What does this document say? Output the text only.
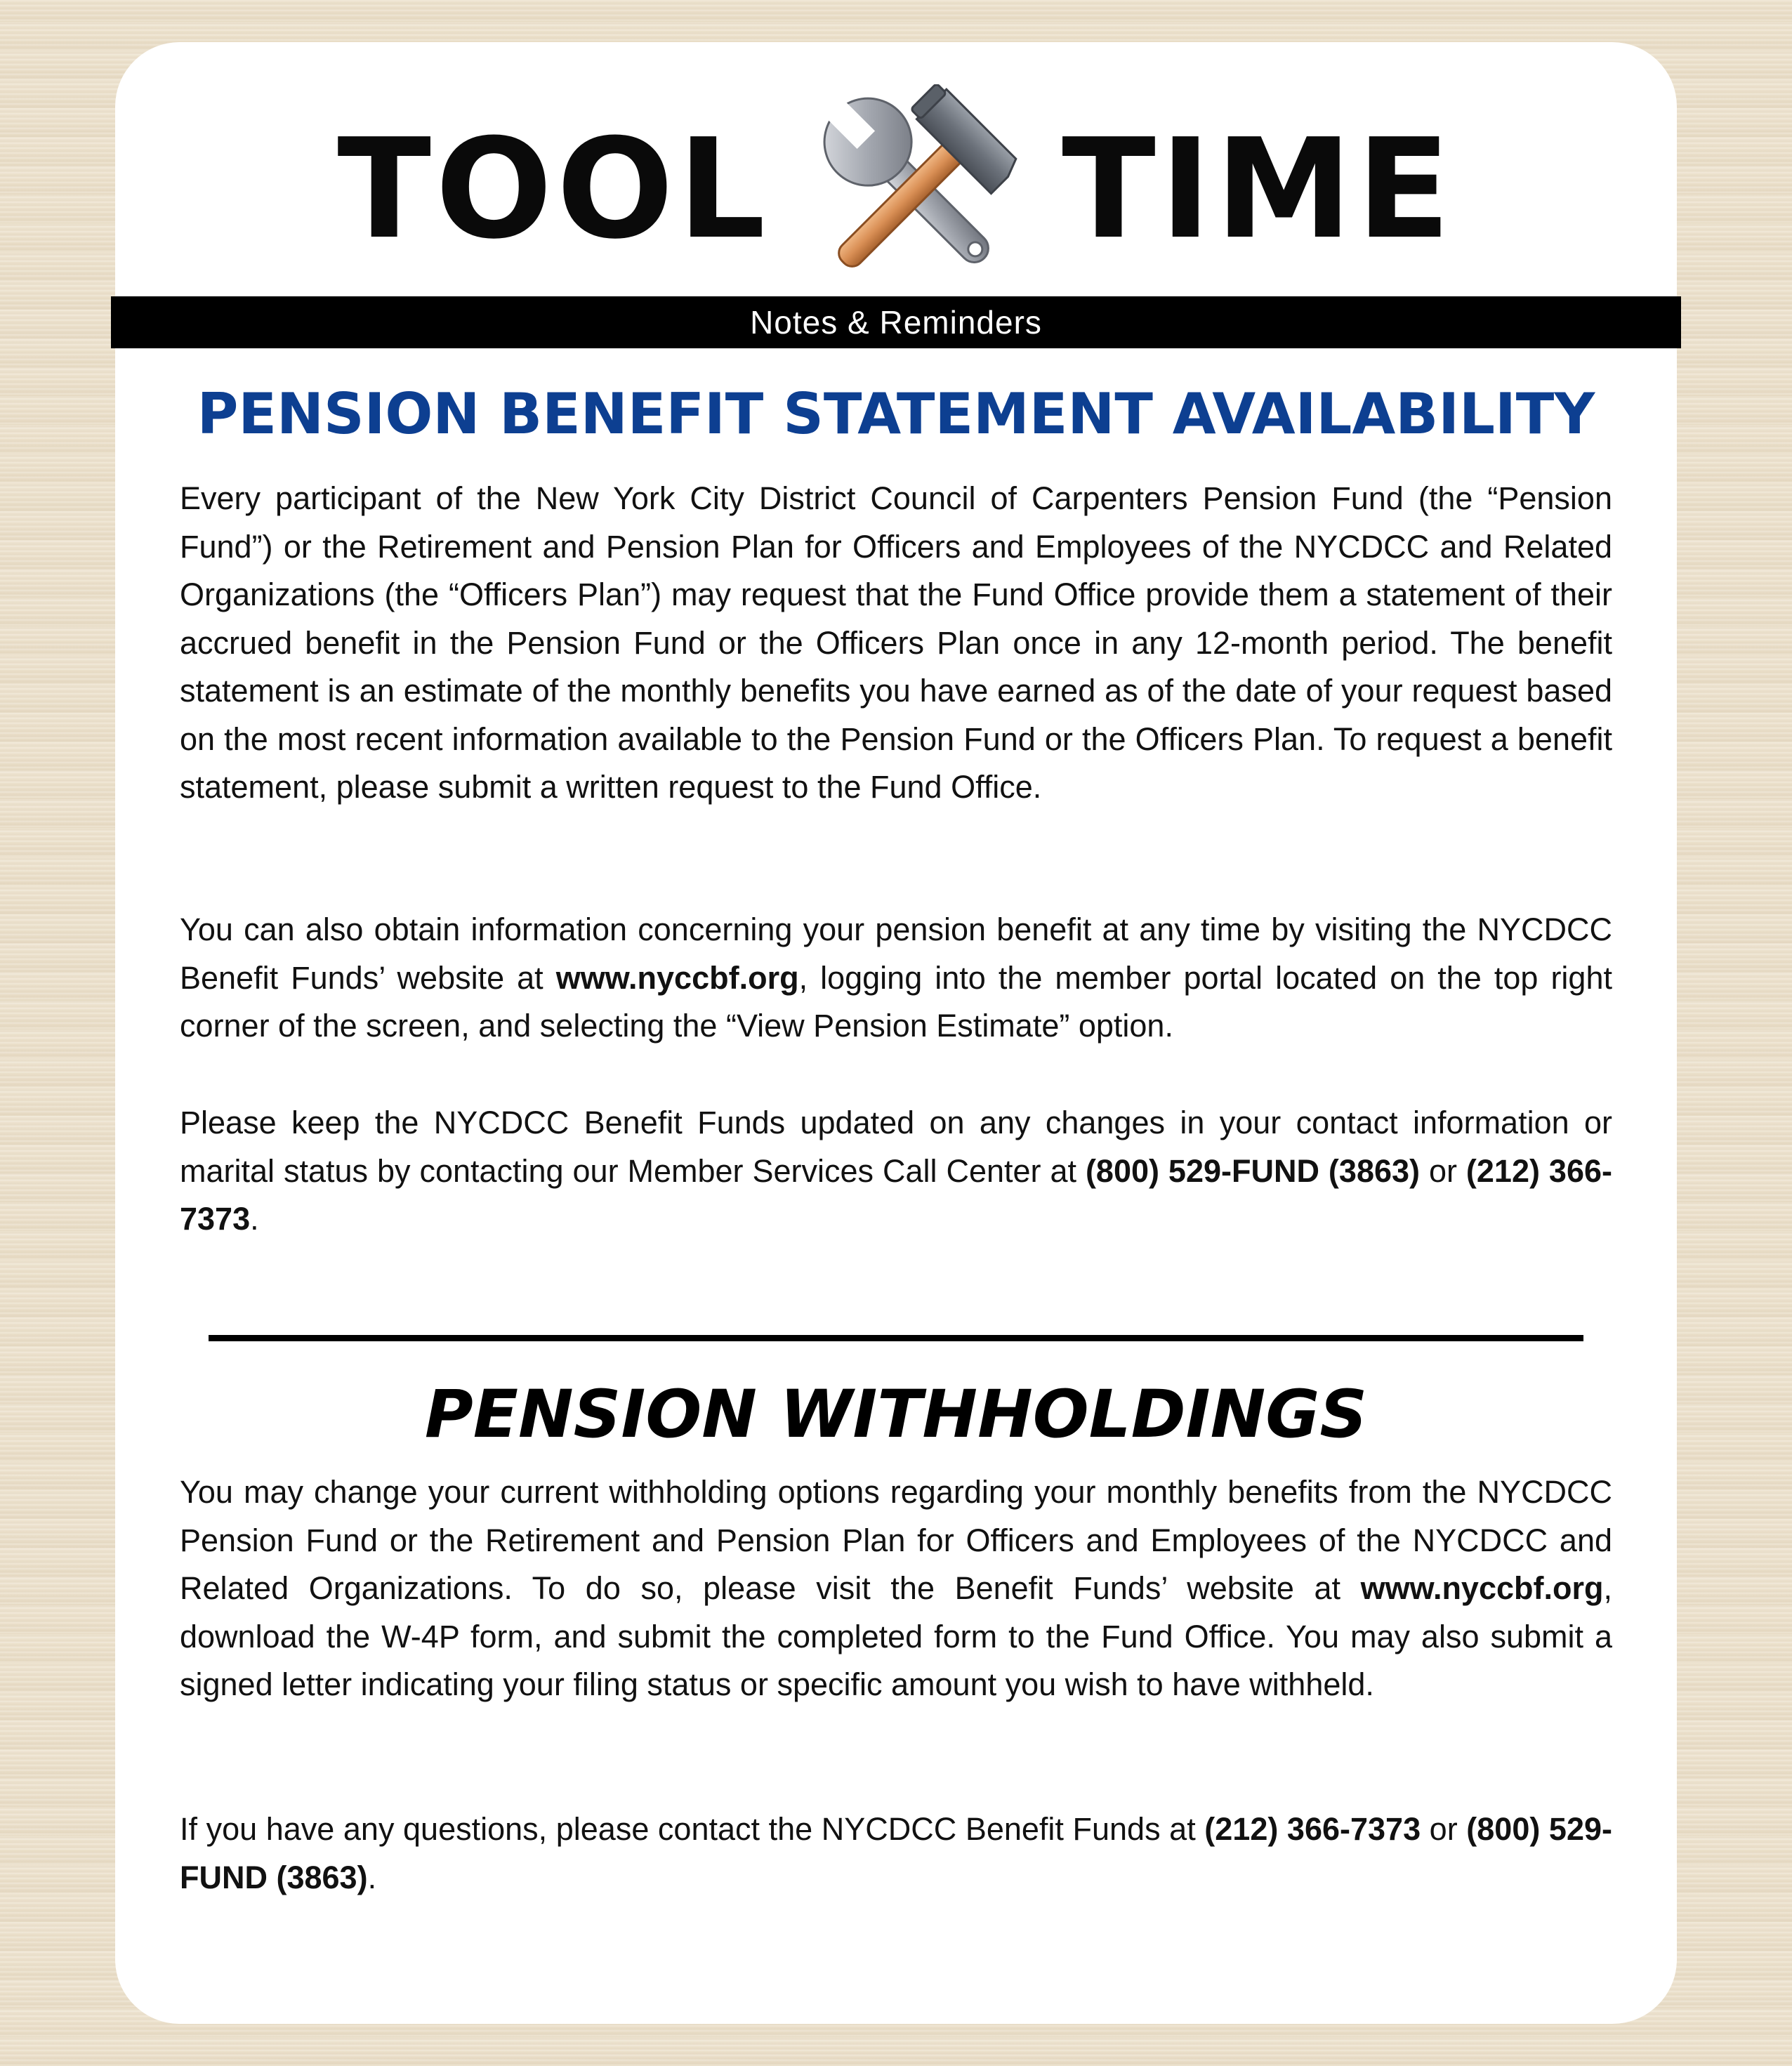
TOOL TIME
Notes & Reminders
PENSION BENEFIT STATEMENT AVAILABILITY

Every participant of the New York City District Council of Carpenters Pension Fund (the “Pension Fund”) or the Retirement and Pension Plan for Officers and Employees of the NYCDCC and Related Organizations (the “Officers Plan”) may request that the Fund Office provide them a statement of their accrued benefit in the Pension Fund or the Officers Plan once in any 12-month period. The benefit statement is an estimate of the monthly benefits you have earned as of the date of your request based on the most recent information available to the Pension Fund or the Officers Plan. To request a benefit statement, please submit a written request to the Fund Office.

You can also obtain information concerning your pension benefit at any time by visiting the NYCDCC Benefit Funds’ website at www.nyccbf.org, logging into the member portal located on the top right corner of the screen, and selecting the “View Pension Estimate” option.

Please keep the NYCDCC Benefit Funds updated on any changes in your contact information or marital status by contacting our Member Services Call Center at (800) 529-FUND (3863) or (212) 366-7373.

PENSION WITHHOLDINGS

You may change your current withholding options regarding your monthly benefits from the NYCDCC Pension Fund or the Retirement and Pension Plan for Officers and Employees of the NYCDCC and Related Organizations. To do so, please visit the Benefit Funds’ website at www.nyccbf.org, download the W-4P form, and submit the completed form to the Fund Office. You may also submit a signed letter indicating your filing status or specific amount you wish to have withheld.

If you have any questions, please contact the NYCDCC Benefit Funds at (212) 366-7373 or (800) 529-FUND (3863).
